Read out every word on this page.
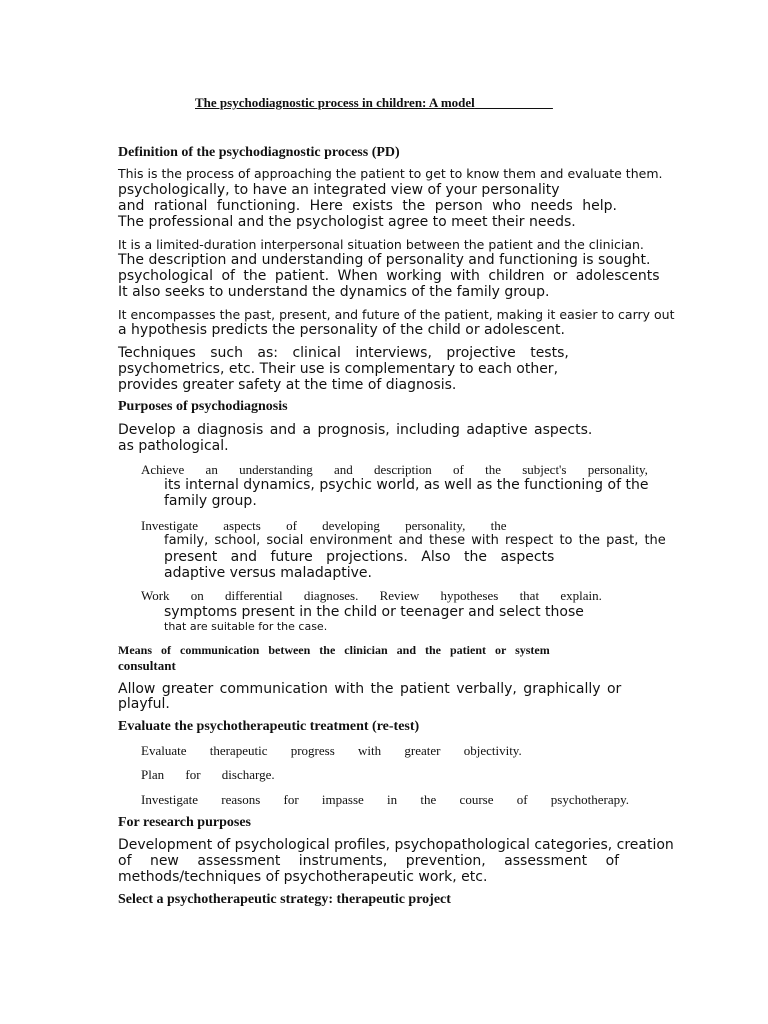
The psychodiagnostic process in children: A model____________
Definition of the psychodiagnostic process (PD)
This is the process of approaching the patient to get to know them and evaluate them.
psychologically, to have an integrated view of your personality
and rational functioning. Here exists the person who needs help.
The professional and the psychologist agree to meet their needs.
It is a limited-duration interpersonal situation between the patient and the clinician.
The description and understanding of personality and functioning is sought.
psychological of the patient. When working with children or adolescents
It also seeks to understand the dynamics of the family group.
It encompasses the past, present, and future of the patient, making it easier to carry out
a hypothesis predicts the personality of the child or adolescent.
Techniques such as: clinical interviews, projective tests,
psychometrics, etc. Their use is complementary to each other,
provides greater safety at the time of diagnosis.
Purposes of psychodiagnosis
Develop a diagnosis and a prognosis, including adaptive aspects.
as pathological.
Achieve an understanding and description of the subject's personality,
its internal dynamics, psychic world, as well as the functioning of the
family group.
Investigate aspects of developing personality, the
family, school, social environment and these with respect to the past, the
present and future projections. Also the aspects
adaptive versus maladaptive.
Work on differential diagnoses. Review hypotheses that explain.
symptoms present in the child or teenager and select those
that are suitable for the case.
Means of communication between the clinician and the patient or system
consultant
Allow greater communication with the patient verbally, graphically or
playful.
Evaluate the psychotherapeutic treatment (re-test)
Evaluate therapeutic progress with greater objectivity.
Plan for discharge.
Investigate reasons for impasse in the course of psychotherapy.
For research purposes
Development of psychological profiles, psychopathological categories, creation
of new assessment instruments, prevention, assessment of
methods/techniques of psychotherapeutic work, etc.
Select a psychotherapeutic strategy: therapeutic project
